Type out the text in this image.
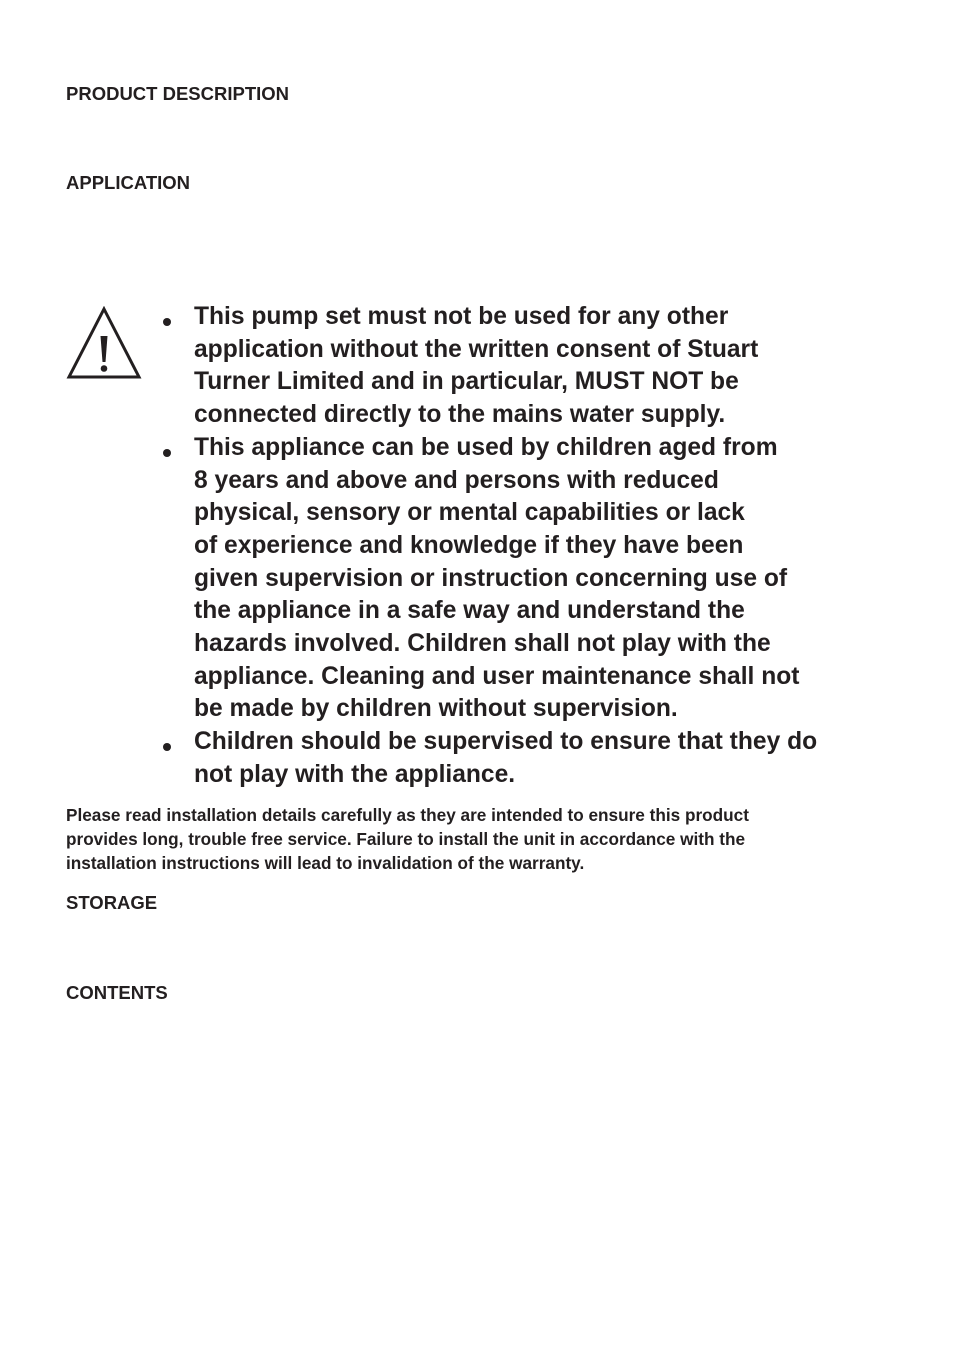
PRODUCT DESCRIPTION
APPLICATION
This pump set must not be used for any other
application without the written consent of Stuart
Turner Limited and in particular, MUST NOT be
connected directly to the mains water supply.
This appliance can be used by children aged from
8 years and above and persons with reduced
physical, sensory or mental capabilities or lack
of experience and knowledge if they have been
given supervision or instruction concerning use of
the appliance in a safe way and understand the
hazards involved. Children shall not play with the
appliance. Cleaning and user maintenance shall not
be made by children without supervision.
Children should be supervised to ensure that they do
not play with the appliance.
Please read installation details carefully as they are intended to ensure this product
provides long, trouble free service. Failure to install the unit in accordance with the
installation instructions will lead to invalidation of the warranty.
STORAGE
CONTENTS
